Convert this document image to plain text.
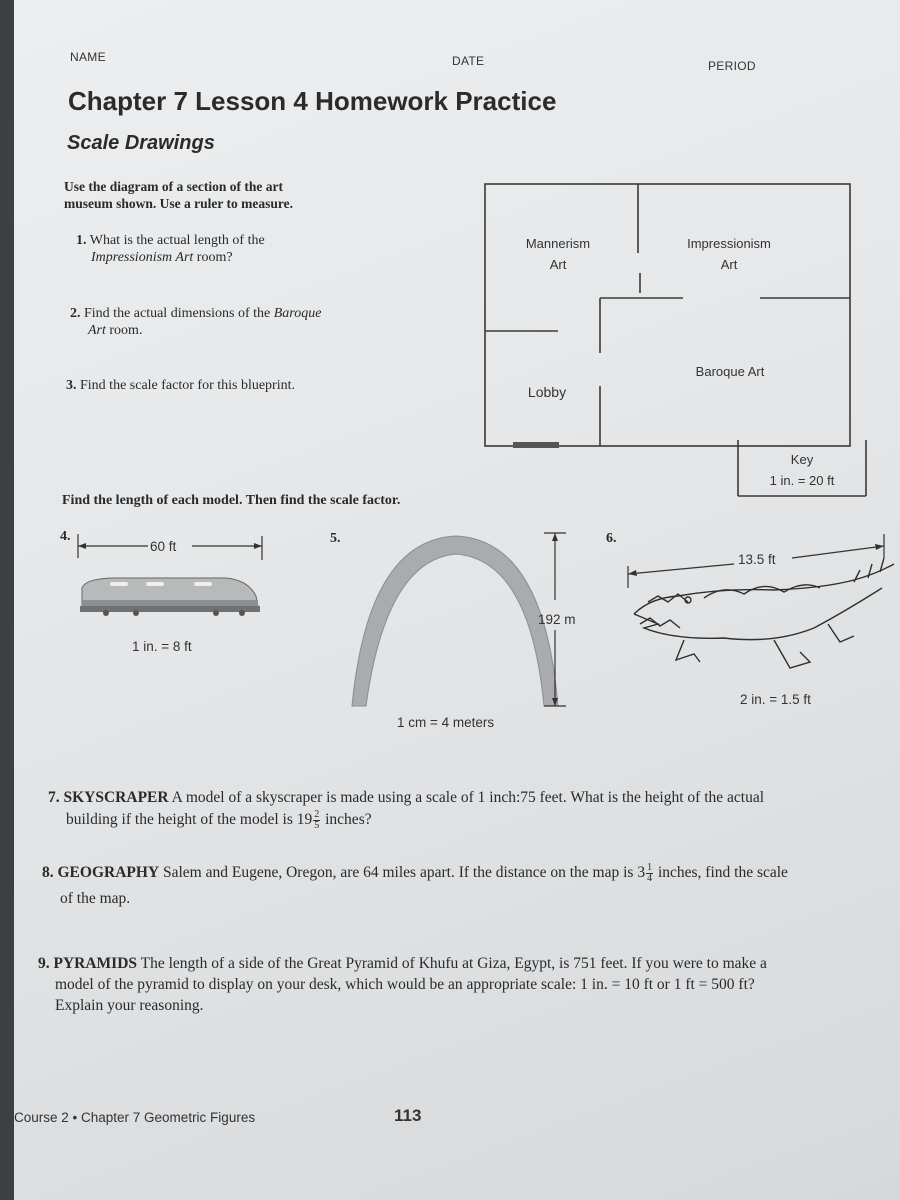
NAME	DATE	PERIOD
Chapter 7 Lesson 4 Homework Practice
Scale Drawings
Use the diagram of a section of the art
museum shown. Use a ruler to measure.
1. What is the actual length of the
Impressionism Art room?
2. Find the actual dimensions of the Baroque
Art room.
3. Find the scale factor for this blueprint.
Mannerism
Art
Impressionism
Art
Baroque Art
Lobby
Key
1 in. = 20 ft
Find the length of each model. Then find the scale factor.
4.
60 ft
1 in. = 8 ft
5.
192 m
1 cm = 4 meters
6.
13.5 ft
2 in. = 1.5 ft
7. SKYSCRAPER A model of a skyscraper is made using a scale of 1 inch:75 feet. What is the height of the actual
building if the height of the model is $19 \frac{2}{5}$ inches?
8. GEOGRAPHY Salem and Eugene, Oregon, are 64 miles apart. If the distance on the map is $3 \frac{1}{4}$ inches, find the scale
of the map.
9. PYRAMIDS The length of a side of the Great Pyramid of Khufu at Giza, Egypt, is 751 feet. If you were to make a
model of the pyramid to display on your desk, which would be an appropriate scale: 1 in. = 10 ft or 1 ft = 500 ft?
Explain your reasoning.
Course 2 • Chapter 7 Geometric Figures	113
